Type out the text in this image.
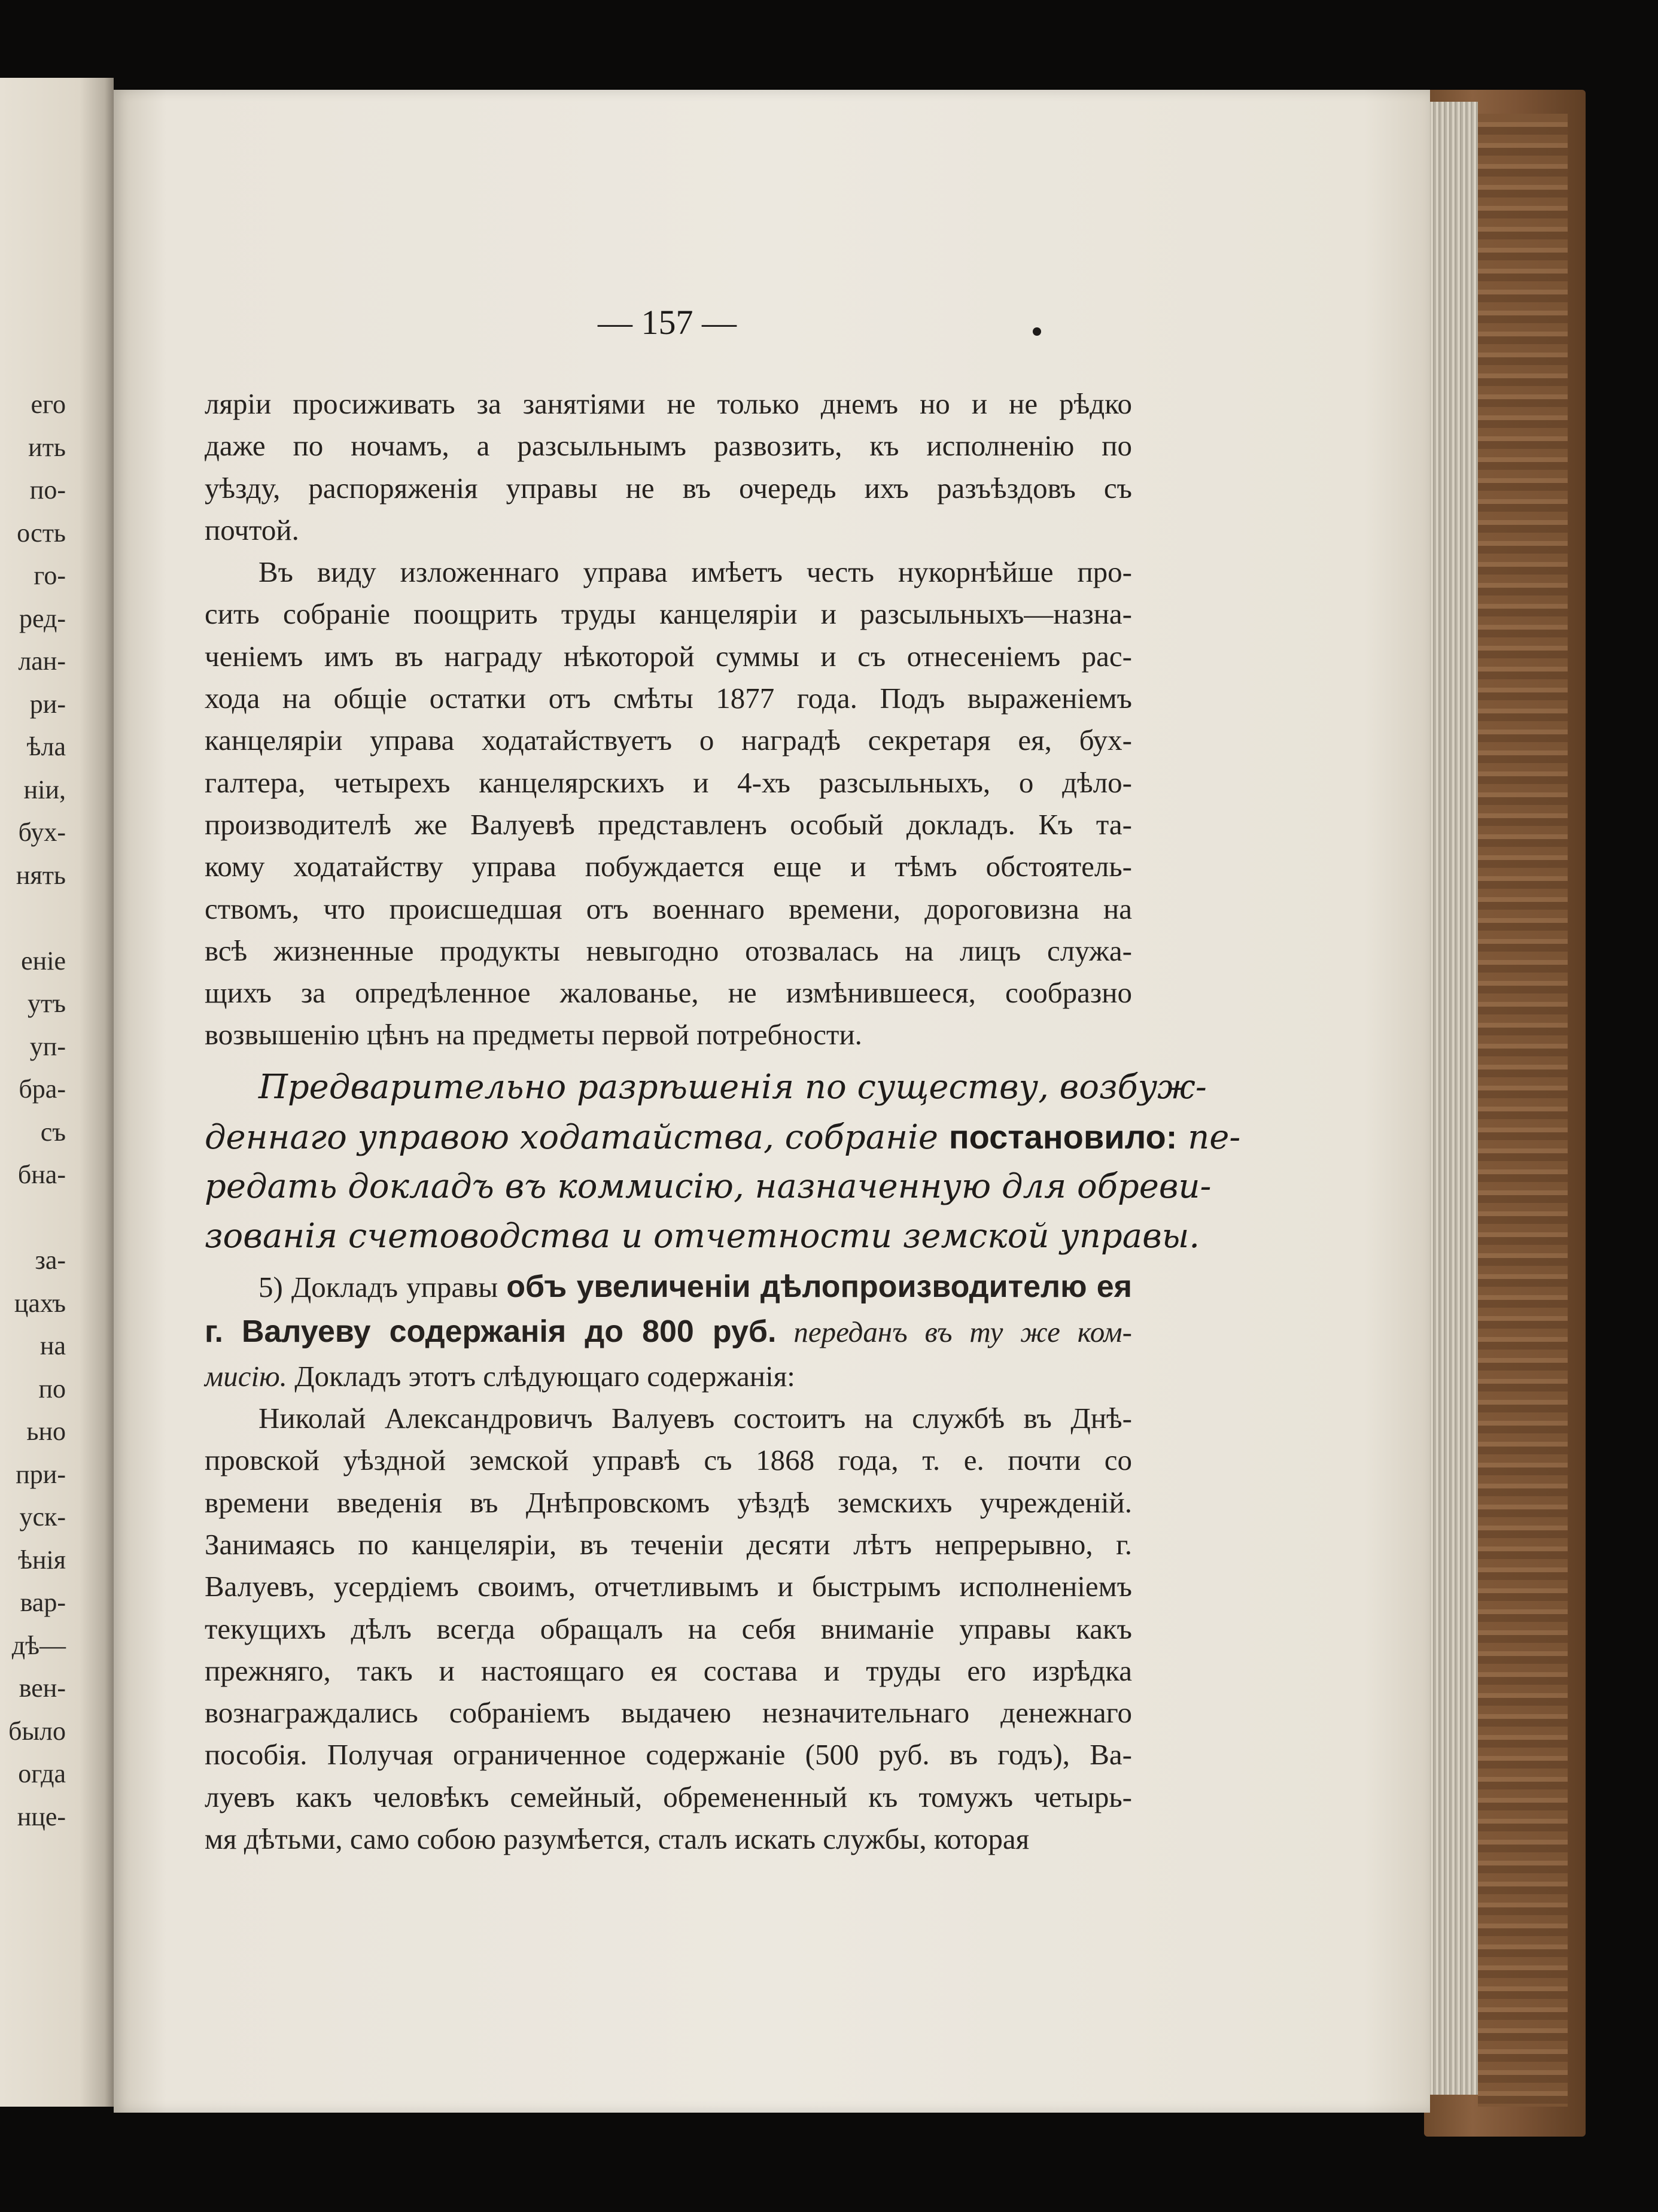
его
ить
по-
ость
го-
ред-
лан-
ри-
ѣла
ніи,
бух-
нять

еніе
утъ
уп-
бра-
съ
бна-

за-
цахъ
на
по
ьно
при-
уск-
ѣнія
вар-
дѣ—
вен-
было
огда
нце-
— 157 —
ляріи просиживать за занятіями не только днемъ но и не рѣдко
даже по ночамъ, а разсыльнымъ развозить, къ исполненію по
уѣзду, распоряженія управы не въ очередь ихъ разъѣздовъ съ
почтой.
Въ виду изложеннаго управа имѣетъ честь нукорнѣйше про-
сить собраніе поощрить труды канцеляріи и разсыльныхъ—назна-
ченіемъ имъ въ награду нѣкоторой суммы и съ отнесеніемъ рас-
хода на общіе остатки отъ смѣты 1877 года. Подъ выраженіемъ
канцеляріи управа ходатайствуетъ о наградѣ секретаря ея, бух-
галтера, четырехъ канцелярскихъ и 4-хъ разсыльныхъ, о дѣло-
производителѣ же Валуевѣ представленъ особый докладъ. Къ та-
кому ходатайству управа побуждается еще и тѣмъ обстоятель-
ствомъ, что происшедшая отъ военнаго времени, дороговизна на
всѣ жизненные продукты невыгодно отозвалась на лицъ служа-
щихъ за опредѣленное жалованье, не измѣнившееся, сообразно
возвышенію цѣнъ на предметы первой потребности.
Предварительно разрѣшенія по существу, возбуж-
деннаго управою ходатайства, собраніе постановило: пе-
редать докладъ въ коммисію, назначенную для обреви-
зованія счетоводства и отчетности земской управы.
5) Докладъ управы объ увеличеніи дѣлопроизводителю ея
г. Валуеву содержанія до 800 руб. переданъ въ ту же ком-
мисію. Докладъ этотъ слѣдующаго содержанія:
Николай Александровичъ Валуевъ состоитъ на службѣ въ Днѣ-
провской уѣздной земской управѣ съ 1868 года, т. е. почти со
времени введенія въ Днѣпровскомъ уѣздѣ земскихъ учрежденій.
Занимаясь по канцеляріи, въ теченіи десяти лѣтъ непрерывно, г.
Валуевъ, усердіемъ своимъ, отчетливымъ и быстрымъ исполненіемъ
текущихъ дѣлъ всегда обращалъ на себя вниманіе управы какъ
прежняго, такъ и настоящаго ея состава и труды его изрѣдка
вознаграждались собраніемъ выдачею незначительнаго денежнаго
пособія. Получая ограниченное содержаніе (500 руб. въ годъ), Ва-
луевъ какъ человѣкъ семейный, обремененный къ томужъ четырь-
мя дѣтьми, само собою разумѣется, сталъ искать службы, которая
